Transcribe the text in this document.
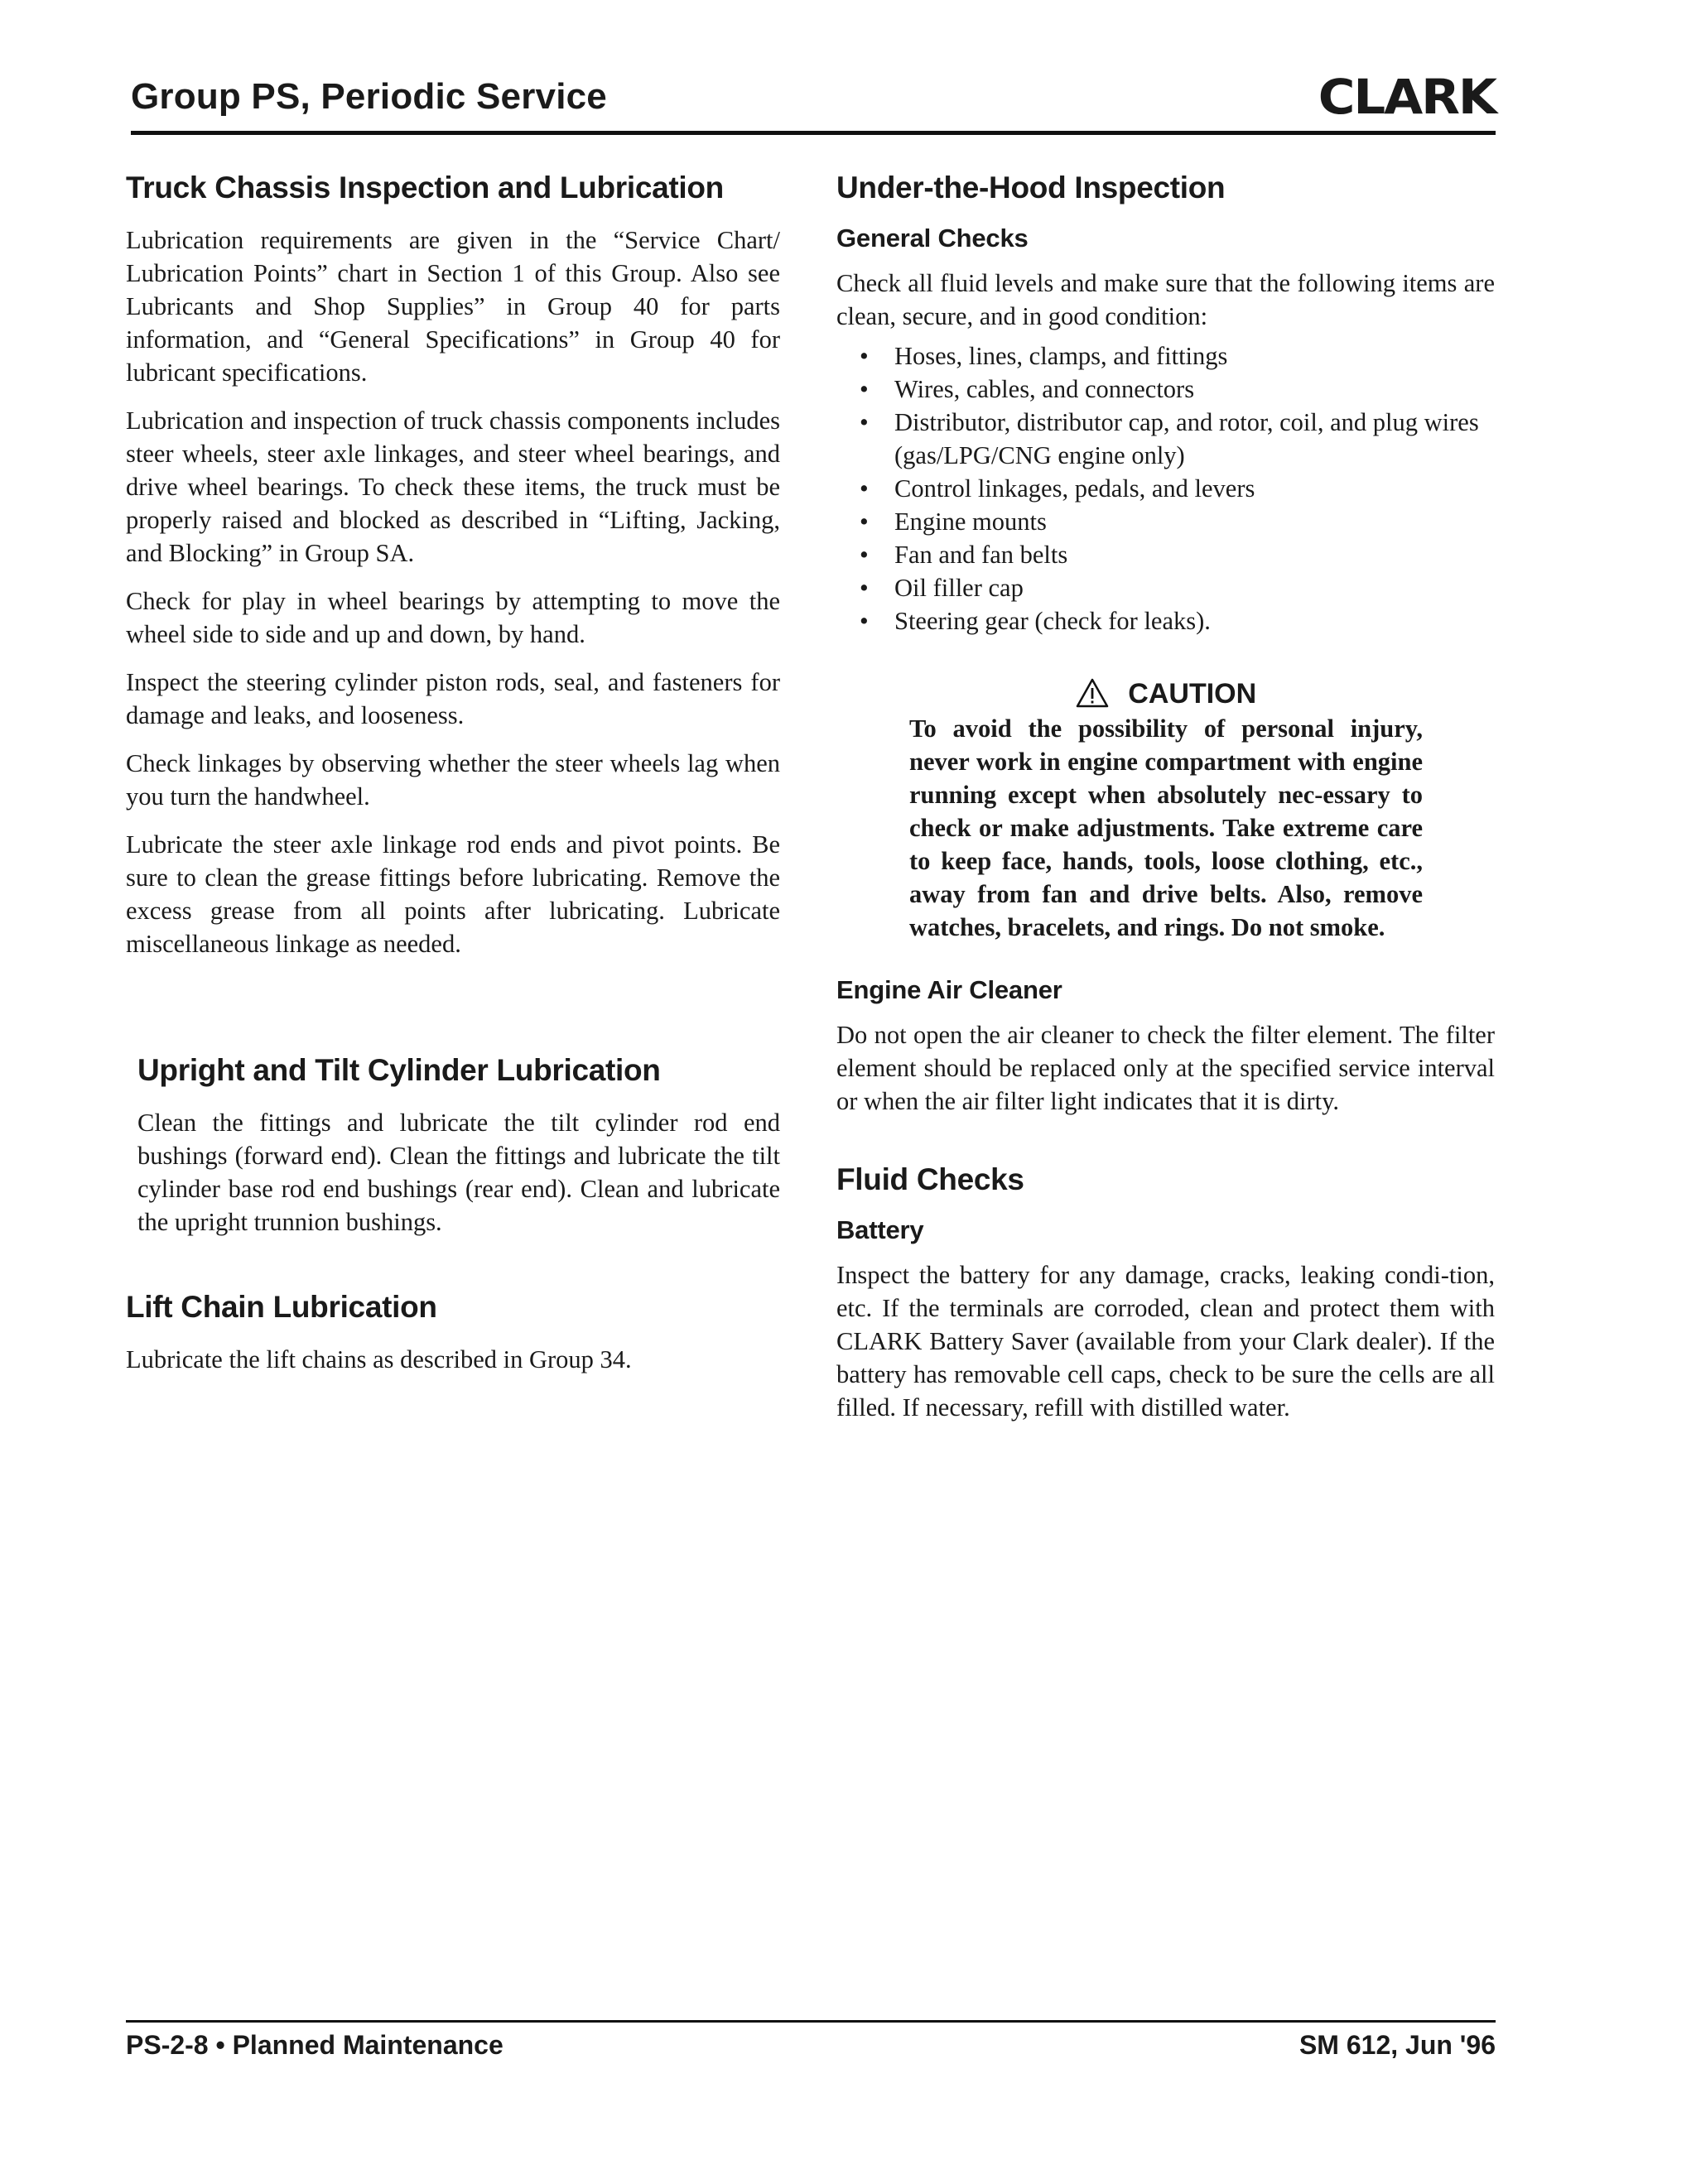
Group PS, Periodic Service	CLARK
Truck Chassis Inspection and Lubrication

Lubrication requirements are given in the “Service Chart/ Lubrication Points” chart in Section 1 of this Group. Also see Lubricants and Shop Supplies” in Group 40 for parts information, and “General Specifications” in Group 40 for lubricant specifications.

Lubrication and inspection of truck chassis components includes steer wheels, steer axle linkages, and steer wheel bearings, and drive wheel bearings. To check these items, the truck must be properly raised and blocked as described in “Lifting, Jacking, and Blocking” in Group SA.

Check for play in wheel bearings by attempting to move the wheel side to side and up and down, by hand.

Inspect the steering cylinder piston rods, seal, and fasteners for damage and leaks, and looseness.

Check linkages by observing whether the steer wheels lag when you turn the handwheel.

Lubricate the steer axle linkage rod ends and pivot points. Be sure to clean the grease fittings before lubricating. Remove the excess grease from all points after lubricating. Lubricate miscellaneous linkage as needed.

Upright and Tilt Cylinder Lubrication

Clean the fittings and lubricate the tilt cylinder rod end bushings (forward end). Clean the fittings and lubricate the tilt cylinder base rod end bushings (rear end). Clean and lubricate the upright trunnion bushings.

Lift Chain Lubrication

Lubricate the lift chains as described in Group 34.

Under-the-Hood Inspection
General Checks

Check all fluid levels and make sure that the following items are clean, secure, and in good condition:

• Hoses, lines, clamps, and fittings
• Wires, cables, and connectors
• Distributor, distributor cap, and rotor, coil, and plug wires (gas/LPG/CNG engine only)
• Control linkages, pedals, and levers
• Engine mounts
• Fan and fan belts
• Oil filler cap
• Steering gear (check for leaks).
CAUTION

To avoid the possibility of personal injury, never work in engine compartment with engine running except when absolutely nec-essary to check or make adjustments. Take extreme care to keep face, hands, tools, loose clothing, etc., away from fan and drive belts. Also, remove watches, bracelets, and rings. Do not smoke.

Engine Air Cleaner

Do not open the air cleaner to check the filter element. The filter element should be replaced only at the specified service interval or when the air filter light indicates that it is dirty.

Fluid Checks
Battery

Inspect the battery for any damage, cracks, leaking condi-tion, etc. If the terminals are corroded, clean and protect them with CLARK Battery Saver (available from your Clark dealer). If the battery has removable cell caps, check to be sure the cells are all filled. If necessary, refill with distilled water.

PS-2-8 • Planned Maintenance	SM 612, Jun '96
